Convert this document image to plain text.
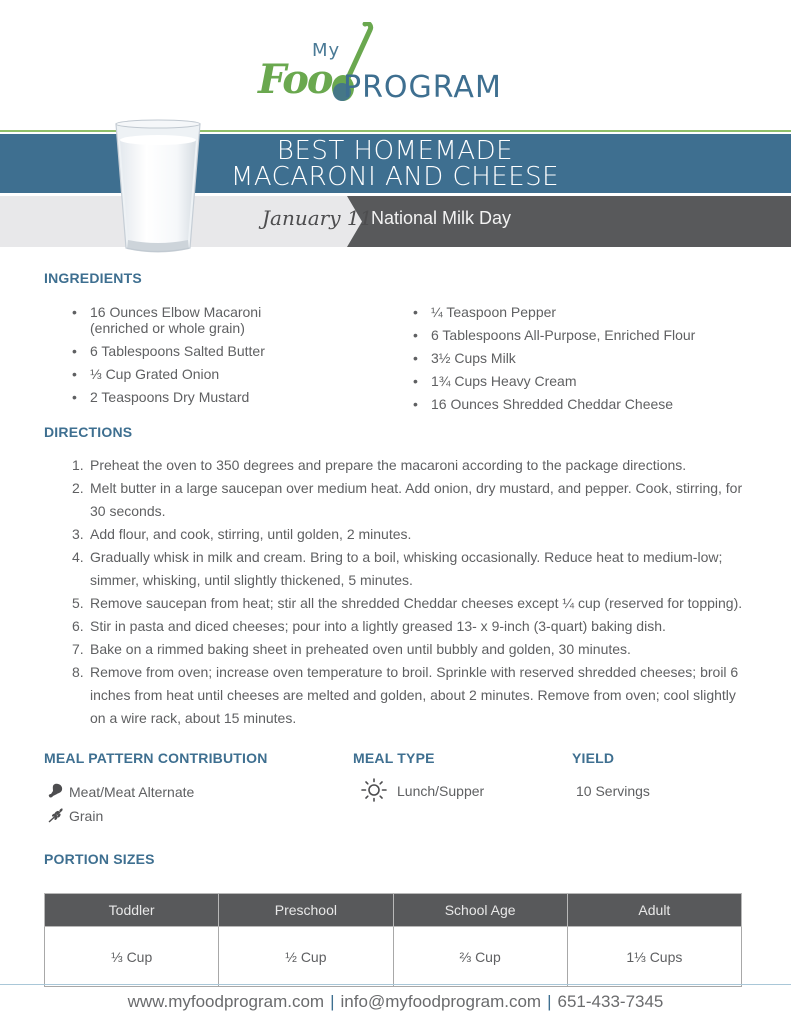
My
Foo PROGRAM
BEST HOMEMADE
MACARONI AND CHEESE
January 11
National Milk Day
INGREDIENTS
• 16 Ounces Elbow Macaroni
(enriched or whole grain)
• 6 Tablespoons Salted Butter
• ⅓ Cup Grated Onion
• 2 Teaspoons Dry Mustard
• ¼ Teaspoon Pepper
• 6 Tablespoons All-Purpose, Enriched Flour
• 3½ Cups Milk
• 1¾ Cups Heavy Cream
• 16 Ounces Shredded Cheddar Cheese
DIRECTIONS
1. Preheat the oven to 350 degrees and prepare the macaroni according to the package directions.
2. Melt butter in a large saucepan over medium heat. Add onion, dry mustard, and pepper. Cook, stirring, for 30 seconds.
3. Add flour, and cook, stirring, until golden, 2 minutes.
4. Gradually whisk in milk and cream. Bring to a boil, whisking occasionally. Reduce heat to medium-low; simmer, whisking, until slightly thickened, 5 minutes.
5. Remove saucepan from heat; stir all the shredded Cheddar cheeses except ¼ cup (reserved for topping).
6. Stir in pasta and diced cheeses; pour into a lightly greased 13- x 9-inch (3-quart) baking dish.
7. Bake on a rimmed baking sheet in preheated oven until bubbly and golden, 30 minutes.
8. Remove from oven; increase oven temperature to broil. Sprinkle with reserved shredded cheeses; broil 6 inches from heat until cheeses are melted and golden, about 2 minutes. Remove from oven; cool slightly on a wire rack, about 15 minutes.
MEAL PATTERN CONTRIBUTION
Meat/Meat Alternate
Grain
MEAL TYPE
Lunch/Supper
YIELD
10 Servings
PORTION SIZES
Toddler	Preschool	School Age	Adult
⅓ Cup	½ Cup	⅔ Cup	1⅓ Cups
www.myfoodprogram.com | info@myfoodprogram.com | 651-433-7345
